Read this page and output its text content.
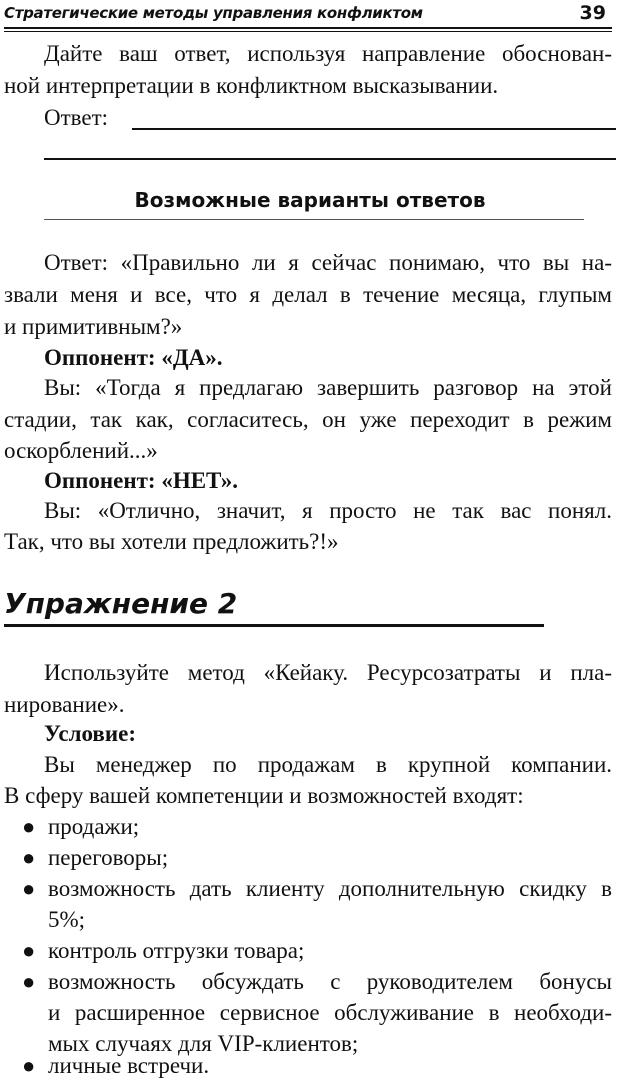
Стратегические методы управления конфликтом	39

Дайте ваш ответ, используя направление обоснован-

ной интерпретации в конфликтном высказывании.

Ответ:

Возможные варианты ответов

Ответ: «Правильно ли я сейчас понимаю, что вы на-

звали меня и все, что я делал в течение месяца, глупым

и примитивным?»

Оппонент: «ДА».

Вы: «Тогда я предлагаю завершить разговор на этой

стадии, так как, согласитесь, он уже переходит в режим

оскорблений...»

Оппонент: «НЕТ».

Вы: «Отлично, значит, я просто не так вас понял.

Так, что вы хотели предложить?!»

Упражнение 2

Используйте метод «Кейаку. Ресурсозатраты и пла-

нирование».

Условие:

Вы менеджер по продажам в крупной компании.

В сферу вашей компетенции и возможностей входят:

● продажи;

● переговоры;

● возможность дать клиенту дополнительную скидку в

5%;

● контроль отгрузки товара;

● возможность обсуждать с руководителем бонусы

и расширенное сервисное обслуживание в необходи-

мых случаях для VIP-клиентов;

● личные встречи.
